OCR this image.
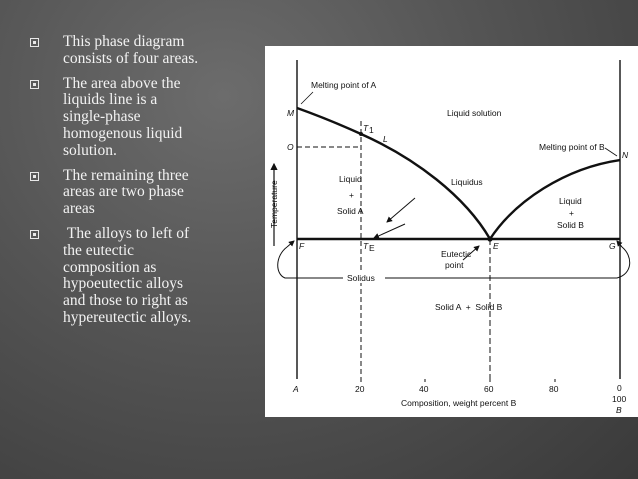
This phase diagram consists of four areas.
The area above the liquids line is a single-phase homogenous liquid solution.
The remaining three areas are two phase areas
The alloys to left of the eutectic composition as hypoeutectic alloys and those to right as hypereutectic alloys.
Melting point of A
M
O
T 1
L
Liquid solution
Melting point of B
N
Liquidus
Liquid
+
Solid A
Liquid
+
Solid B
F	T E	E	G
Eutectic
point
Solidus
Solid A  +  Solid B
Temperature
A	20	40	60	80	0
100
B
Composition, weight percent B
